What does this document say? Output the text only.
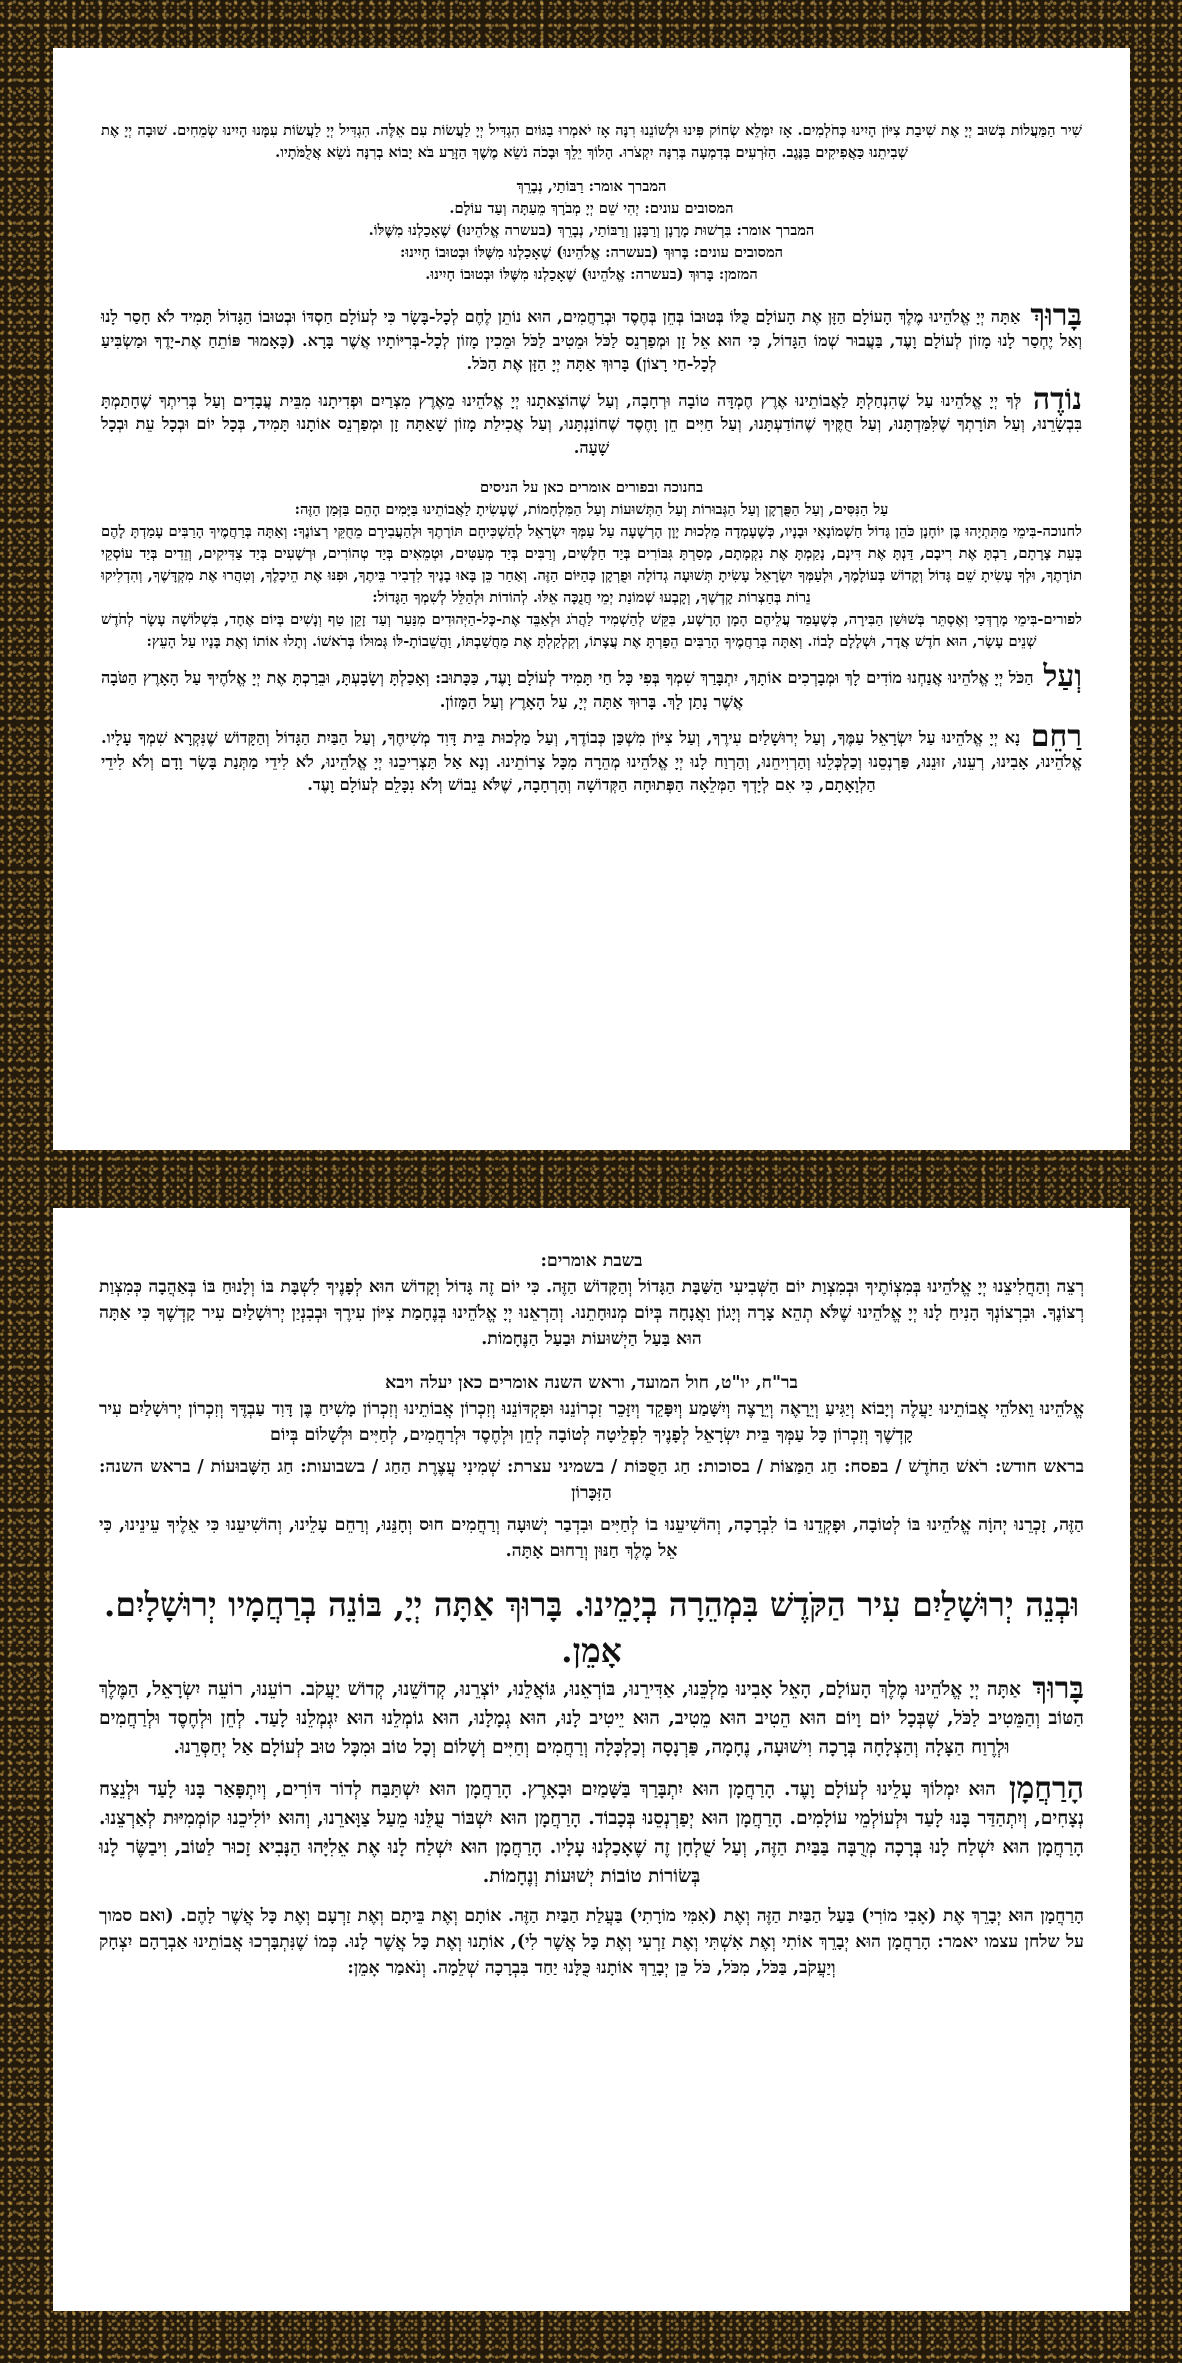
שִׁיר הַמַּעֲלוֹת בְּשׁוּב יְיָ אֶת שִׁיבַת צִיּוֹן הָיִינוּ כְּחֹלְמִים. אָז יִמָּלֵא שְׂחוֹק פִּינוּ וּלְשׁוֹנֵנוּ רִנָּה אָז יֹאמְרוּ בַגּוֹיִם הִגְדִּיל יְיָ לַעֲשׂוֹת עִם אֵלֶּה. הִגְדִּיל יְיָ לַעֲשׂוֹת עִמָּנוּ הָיִינוּ שְׂמֵחִים. שׁוּבָה יְיָ אֶת שְׁבִיתֵנוּ כַּאֲפִיקִים בַּנֶּגֶב. הַזֹּרְעִים בְּדִמְעָה בְּרִנָּה יִקְצֹרוּ. הָלוֹךְ יֵלֵךְ וּבָכֹה נֹשֵׂא מֶשֶׁךְ הַזָּרַע בֹּא יָבוֹא בְרִנָּה נֹשֵׂא אֲלֻמֹּתָיו.

המברך אומר: רַבּוֹתַי, נְבָרֵךְ

המסובים עונים: יְהִי שֵׁם יְיָ מְבֹרָךְ מֵעַתָּה וְעַד עוֹלָם.

המברך אומר: בִּרְשׁוּת מָרָנָן וְרַבָּנָן וְרַבּוֹתַי, נְבָרֵךְ (בעשרה אֱלֹהֵינוּ) שֶׁאָכַלְנוּ מִשֶּׁלּוֹ.

המסובים עונים: בָּרוּךְ (בעשרה: אֱלֹהֵינוּ) שֶׁאָכַלְנוּ מִשֶּׁלּוֹ וּבְטוּבוֹ חָיִינוּ:

המזמן: בָּרוּךְ (בעשרה: אֱלֹהֵינוּ) שֶׁאָכַלְנוּ מִשֶּׁלּוֹ וּבְטוּבוֹ חָיִינוּ.

בָּרוּךְ אַתָּה יְיָ אֱלֹהֵינוּ מֶלֶךְ הָעוֹלָם הַזָּן אֶת הָעוֹלָם כֻּלּוֹ בְּטוּבוֹ בְּחֵן בְּחֶסֶד וּבְרַחֲמִים, הוּא נוֹתֵן לֶחֶם לְכָל-בָּשָׂר כִּי לְעוֹלָם חַסְדּוֹ וּבְטוּבוֹ הַגָּדוֹל תָּמִיד לֹא חָסַר לָנוּ וְאַל יֶחְסַר לָנוּ מָזוֹן לְעוֹלָם וָעֶד, בַּעֲבוּר שְׁמוֹ הַגָּדוֹל, כִּי הוּא אֵל זָן וּמְפַרְנֵס לַכֹּל וּמֵטִיב לַכֹּל וּמֵכִין מָזוֹן לְכָל-בְּרִיּוֹתָיו אֲשֶׁר בָּרָא. (כָּאָמוּר פּוֹתֵחַ אֶת-יָדֶךָ וּמַשְׂבִּיעַ לְכָל-חַי רָצוֹן) בָּרוּךְ אַתָּה יְיָ הַזָּן אֶת הַכֹּל.

נוֹדֶה לְּךָ יְיָ אֱלֹהֵינוּ עַל שֶׁהִנְחַלְתָּ לַאֲבוֹתֵינוּ אֶרֶץ חֶמְדָּה טוֹבָה וּרְחָבָה, וְעַל שֶׁהוֹצֵאתָנוּ יְיָ אֱלֹהֵינוּ מֵאֶרֶץ מִצְרַיִם וּפְדִיתָנוּ מִבֵּית עֲבָדִים וְעַל בְּרִיתְךָ שֶׁחָתַמְתָּ בִּבְשָׂרֵנוּ, וְעַל תּוֹרָתְךָ שֶׁלִּמַּדְתָּנוּ, וְעַל חֻקֶּיךָ שֶׁהוֹדַעְתָּנוּ, וְעַל חַיִּים חֵן וָחֶסֶד שֶׁחוֹנַנְתָּנוּ, וְעַל אֲכִילַת מָזוֹן שָׁאַתָּה זָן וּמְפַרְנֵס אוֹתָנוּ תָּמִיד, בְּכָל יוֹם וּבְכָל עֵת וּבְכָל שָׁעָה.

בחנוכה ובפורים אומרים כאן על הניסים

עַל הַנִּסִּים, וְעַל הַפֻּרְקָן וְעַל הַגְּבוּרוֹת וְעַל הַתְּשׁוּעוֹת וְעַל הַמִּלְחָמוֹת, שֶׁעָשִׂיתָ לַאֲבוֹתֵינוּ בַּיָּמִים הָהֵם בַּזְּמַן הַזֶּה:

לחנוכה-בִּימֵי מַתִּתְיָהוּ בֶּן יוֹחָנָן כֹּהֵן גָּדוֹל חַשְׁמוֹנָאִי וּבָנָיו, כְּשֶׁעָמְדָה מַלְכוּת יָוָן הָרְשָׁעָה עַל עַמְּךָ יִשְׂרָאֵל לְהַשְׁכִּיחָם תּוֹרָתֶךָ וּלְהַעֲבִירָם מֵחֻקֵּי רְצוֹנֶךָ: וְאַתָּה בְּרַחֲמֶיךָ הָרַבִּים עָמַדְתָּ לָהֶם בְּעֵת צָרָתָם, רַבְתָּ אֶת רִיבָם, דַּנְתָּ אֶת דִּינָם, נָקַמְתָּ אֶת נִקְמָתָם, מָסַרְתָּ גִּבּוֹרִים בְּיַד חַלָּשִׁים, וְרַבִּים בְּיַד מְעַטִּים, וּטְמֵאִים בְּיַד טְהוֹרִים, וּרְשָׁעִים בְּיַד צַדִּיקִים, וְזֵדִים בְּיַד עוֹסְקֵי תוֹרָתֶךָ, וּלְךָ עָשִׂיתָ שֵׁם גָּדוֹל וְקָדוֹשׁ בְּעוֹלָמֶךָ, וּלְעַמְּךָ יִשְׂרָאֵל עָשִׂיתָ תְּשׁוּעָה גְדוֹלָה וּפֻרְקָן כְּהַיּוֹם הַזֶּה. וְאַחַר כֵּן בָּאוּ בָנֶיךָ לִדְבִיר בֵּיתֶךָ, וּפִנּוּ אֶת הֵיכָלֶךָ, וְטִהֲרוּ אֶת מִקְדָּשֶׁךָ, וְהִדְלִיקוּ נֵרוֹת בְּחַצְרוֹת קָדְשֶׁךָ, וְקָבְעוּ שְׁמוֹנַת יְמֵי חֲנֻכָּה אֵלּוּ. לְהוֹדוֹת וּלְהַלֵּל לְשִׁמְךָ הַגָּדוֹל:

לפורים-בִּימֵי מָרְדְּכַי וְאֶסְתֵּר בְּשׁוּשַׁן הַבִּירָה, כְּשֶׁעָמַד עֲלֵיהֶם הָמָן הָרָשָׁע, בִּקֵּשׁ לְהַשְׁמִיד לַהֲרֹג וּלְאַבֵּד אֶת-כָּל-הַיְּהוּדִים מִנַּעַר וְעַד זָקֵן טַף וְנָשִׁים בְּיוֹם אֶחָד, בִּשְׁלוֹשָׁה עָשָׂר לְחֹדֶשׁ שְׁנֵים עָשָׂר, הוּא חֹדֶשׁ אֲדָר, וּשְׁלָלָם לָבוֹז. וְאַתָּה בְּרַחֲמֶיךָ הָרַבִּים הֵפַרְתָּ אֶת עֲצָתוֹ, וְקִלְקַלְתָּ אֶת מַחֲשַׁבְתּוֹ, וַהֲשֵׁבוֹתָ-לּוֹ גְּמוּלוֹ בְּרֹאשׁוֹ. וְתָלוּ אוֹתוֹ וְאֶת בָּנָיו עַל הָעֵץ:

וְעַל הַכֹּל יְיָ אֱלֹהֵינוּ אֲנַחְנוּ מוֹדִים לָךְ וּמְבָרְכִים אוֹתָךְ, יִתְבָּרַךְ שִׁמְךָ בְּפִי כָּל חַי תָּמִיד לְעוֹלָם וָעֶד, כַּכָּתוּב: וְאָכַלְתָּ וְשָׂבָעְתָּ, וּבֵרַכְתָּ אֶת יְיָ אֱלֹהֶיךָ עַל הָאָרֶץ הַטֹּבָה אֲשֶׁר נָתַן לָךְ. בָּרוּךְ אַתָּה יְיָ, עַל הָאָרֶץ וְעַל הַמָּזוֹן.

רַחֵם נָא יְיָ אֱלֹהֵינוּ עַל יִשְׂרָאֵל עַמֶּךָ, וְעַל יְרוּשָׁלַיִם עִירֶךָ, וְעַל צִיּוֹן מִשְׁכַּן כְּבוֹדֶךָ, וְעַל מַלְכוּת בֵּית דָּוִד מְשִׁיחֶךָ, וְעַל הַבַּיִת הַגָּדוֹל וְהַקָּדוֹשׁ שֶׁנִּקְרָא שִׁמְךָ עָלָיו. אֱלֹהֵינוּ, אָבִינוּ, רְעֵנוּ, זוּנֵנוּ, פַּרְנְסֵנוּ וְכַלְכְּלֵנוּ וְהַרְוִיחֵנוּ, וְהַרְוַח לָנוּ יְיָ אֱלֹהֵינוּ מְהֵרָה מִכָּל צָרוֹתֵינוּ. וְנָא אַל תַּצְרִיכֵנוּ יְיָ אֱלֹהֵינוּ, לֹא לִידֵי מַתְּנַת בָּשָׂר וָדָם וְלֹא לִידֵי הַלְוָאָתָם, כִּי אִם לְיָדְךָ הַמְּלֵאָה הַפְּתוּחָה הַקְּדוֹשָׁה וְהָרְחָבָה, שֶׁלֹּא נֵבוֹשׁ וְלֹא נִכָּלֵם לְעוֹלָם וָעֶד.

בשבת אומרים:

רְצֵה וְהַחֲלִיצֵנוּ יְיָ אֱלֹהֵינוּ בְּמִצְוֹתֶיךָ וּבְמִצְוַת יוֹם הַשְּׁבִיעִי הַשַּׁבָּת הַגָּדוֹל וְהַקָּדוֹשׁ הַזֶּה. כִּי יוֹם זֶה גָּדוֹל וְקָדוֹשׁ הוּא לְפָנֶיךָ לִשְׁבָּת בּוֹ וְלָנוּחַ בּוֹ בְּאַהֲבָה כְּמִצְוַת רְצוֹנֶךָ. וּבִרְצוֹנְךָ הָנִיחַ לָנוּ יְיָ אֱלֹהֵינוּ שֶׁלֹּא תְהֵא צָרָה וְיָגוֹן וַאֲנָחָה בְּיוֹם מְנוּחָתֵנוּ. וְהַרְאֵנוּ יְיָ אֱלֹהֵינוּ בְּנֶחָמַת צִיּוֹן עִירֶךָ וּבְבִנְיַן יְרוּשָׁלַיִם עִיר קָדְשֶׁךָ כִּי אַתָּה הוּא בַּעַל הַיְשׁוּעוֹת וּבַעַל הַנֶּחָמוֹת.

בר"ח, יו"ט, חול המועד, וראש השנה אומרים כאן יעלה ויבא

אֱלֹהֵינוּ וֵאלֹהֵי אֲבוֹתֵינוּ יַעֲלֶה וְיָבוֹא וְיַגִּיעַ וְיֵרָאֶה וְיֵרָצֶה וְיִשָּׁמַע וְיִפָּקֵד וְיִזָּכֵר זִכְרוֹנֵנוּ וּפִקְדּוֹנֵנוּ וְזִכְרוֹן אֲבוֹתֵינוּ וְזִכְרוֹן מָשִׁיחַ בֶּן דָּוִד עַבְדֶּךָ וְזִכְרוֹן יְרוּשָׁלַיִם עִיר קָדְשֶׁךָ וְזִכְרוֹן כָּל עַמְּךָ בֵּית יִשְׂרָאֵל לְפָנֶיךָ לִפְלֵיטָה לְטוֹבָה לְחֵן וּלְחֶסֶד וּלְרַחֲמִים, לְחַיִּים וּלְשָׁלוֹם בְּיוֹם

בראש חודש: רֹאשׁ הַחֹדֶשׁ / בפסח: חַג הַמַּצּוֹת / בסוכות: חַג הַסֻּכּוֹת / בשמיני עצרת: שְׁמִינִי עֲצֶרֶת הַחַג / בשבועות: חַג הַשָּׁבוּעוֹת / בראש השנה: הַזִּכָּרוֹן

הַזֶּה, זָכְרֵנוּ יְהוָֹה אֱלֹהֵינוּ בּוֹ לְטוֹבָה, וּפָקְדֵנוּ בוֹ לִבְרָכָה, וְהוֹשִׁיעֵנוּ בוֹ לְחַיִּים וּבִדְבַר יְשׁוּעָה וְרַחֲמִים חוּס וְחָנֵּנוּ, וְרַחֵם עָלֵינוּ, וְהוֹשִׁיעֵנוּ כִּי אֵלֶיךָ עֵינֵינוּ, כִּי אֵל מֶלֶךְ חַנּוּן וְרַחוּם אָתָּה.

וּבְנֵה יְרוּשָׁלַיִם עִיר הַקֹּדֶשׁ בִּמְהֵרָה בְיָמֵינוּ. בָּרוּךְ אַתָּה יְיָ, בּוֹנֵה בְרַחֲמָיו יְרוּשָׁלָיִם. אָמֵן.

בָּרוּךְ אַתָּה יְיָ אֱלֹהֵינוּ מֶלֶךְ הָעוֹלָם, הָאֵל אָבִינוּ מַלְכֵּנוּ, אַדִּירֵנוּ, בּוֹרְאֵנוּ, גּוֹאֲלֵנוּ, יוֹצְרֵנוּ, קְדוֹשֵׁנוּ, קְדוֹשׁ יַעֲקֹב. רוֹעֵנוּ, רוֹעֵה יִשְׂרָאֵל, הַמֶּלֶךְ הַטּוֹב וְהַמֵּטִיב לַכֹּל, שֶׁבְּכָל יוֹם וָיוֹם הוּא הֵטִיב הוּא מֵטִיב, הוּא יֵיטִיב לָנוּ, הוּא גְמָלָנוּ, הוּא גוֹמְלֵנוּ הוּא יִגְמְלֵנוּ לָעַד. לְחֵן וּלְחֶסֶד וּלְרַחֲמִים וּלְרֶוַח הַצָּלָה וְהַצְלָחָה בְּרָכָה וִישׁוּעָה, נֶחָמָה, פַּרְנָסָה וְכַלְכָּלָה וְרַחֲמִים וְחַיִּים וְשָׁלוֹם וְכָל טוֹב וּמִכָּל טוּב לְעוֹלָם אַל יְחַסְּרֵנוּ.

הָרַחֲמָן הוּא יִמְלוֹךְ עָלֵינוּ לְעוֹלָם וָעֶד. הָרַחֲמָן הוּא יִתְבָּרַךְ בַּשָּׁמַיִם וּבָאָרֶץ. הָרַחֲמָן הוּא יִשְׁתַּבַּח לְדוֹר דּוֹרִים, וְיִתְפָּאַר בָּנוּ לָעַד וּלְנֵצַח נְצָחִים, וְיִתְהַדַּר בָּנוּ לָעַד וּלְעוֹלְמֵי עוֹלָמִים. הָרַחֲמָן הוּא יְפַרְנְסֵנוּ בְּכָבוֹד. הָרַחֲמָן הוּא יִשְׁבּוֹר עֻלֵּנוּ מֵעַל צַוָּארֵנוּ, וְהוּא יוֹלִיכֵנוּ קוֹמְמִיּוּת לְאַרְצֵנוּ. הָרַחֲמָן הוּא יִשְׁלַח לָנוּ בְּרָכָה מְרֻבָּה בַּבַּיִת הַזֶּה, וְעַל שֻׁלְחָן זֶה שֶׁאָכַלְנוּ עָלָיו. הָרַחֲמָן הוּא יִשְׁלַח לָנוּ אֶת אֵלִיָּהוּ הַנָּבִיא זָכוּר לַטּוֹב, וִיבַשֶּׂר לָנוּ בְּשׂוֹרוֹת טוֹבוֹת יְשׁוּעוֹת וְנֶחָמוֹת.

הָרַחֲמָן הוּא יְבָרֵךְ אֶת (אָבִי מוֹרִי) בַּעַל הַבַּיִת הַזֶּה וְאֶת (אִמִּי מוֹרָתִי) בַּעֲלַת הַבַּיִת הַזֶּה. אוֹתָם וְאֶת בֵּיתָם וְאֶת זַרְעָם וְאֶת כָּל אֲשֶׁר לָהֶם. (ואם סמוך על שלחן עצמו יאמר: הָרַחֲמָן הוּא יְבָרֵךְ אוֹתִי וְאֶת אִשְׁתִּי וְאֶת זַרְעִי וְאֶת כָּל אֲשֶׁר לִי), אוֹתָנוּ וְאֶת כָּל אֲשֶׁר לָנוּ. כְּמוֹ שֶׁנִּתְבָּרְכוּ אֲבוֹתֵינוּ אַבְרָהָם יִצְחָק וְיַעֲקֹב, בַּכֹּל, מִכֹּל, כֹּל כֵּן יְבָרֵךְ אוֹתָנוּ כֻּלָּנוּ יַחַד בִּבְרָכָה שְׁלֵמָה. וְנֹאמַר אָמֵן:
